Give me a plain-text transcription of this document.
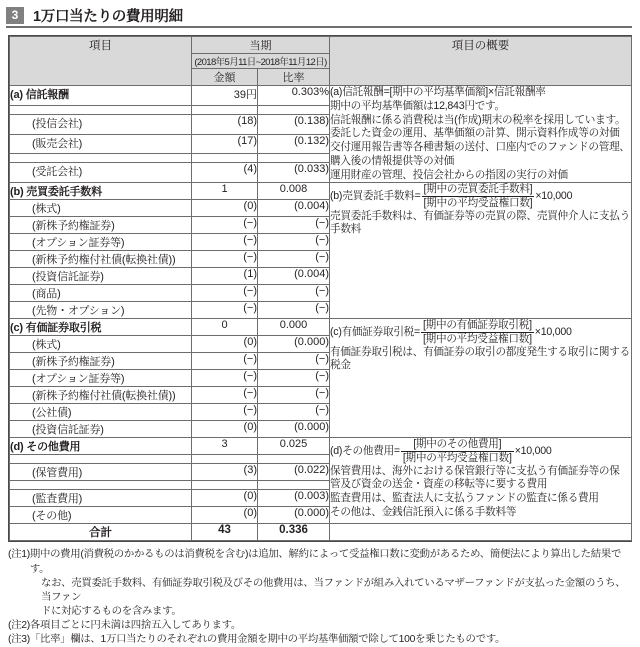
3	1万口当たりの費用明細
項目	当期		項目の概要
	(2018年5月11日~2018年11月12日)		
	金額	比率	
(a) 信託報酬	39円	0.303%	(a)信託報酬=[期中の平均基準価額]×信託報酬率
期中の平均基準価額は12,843円です。
信託報酬に係る消費税は当(作成)期末の税率を採用しています。
委託した資金の運用、基準価額の計算、開示資料作成等の対価
交付運用報告書等各種書類の送付、口座内でのファンドの管理、
購入後の情報提供等の対価
運用財産の管理、投信会社からの指図の実行の対価

(投信会社)	(18)	(0.138)	
(販売会社)	(17)	(0.132)	

(受託会社)	(4)	(0.033)	
(b) 売買委託手数料	1	0.008	(b)売買委託手数料= $\frac{\text{[期中の売買委託手数料]}}{\text{[期中の平均受益権口数]}} \times 10,000$
売買委託手数料は、有価証券等の売買の際、売買仲介人に支払う手数料

(株式)	(0)	(0.004)	
(新株予約権証券)	(−)	(−)	
(オプション証券等)	(−)	(−)	
(新株予約権付社債(転換社債))	(−)	(−)	
(投資信託証券)	(1)	(0.004)	
(商品)	(−)	(−)	
(先物・オプション)	(−)	(−)	
(c) 有価証券取引税	0	0.000	(c)有価証券取引税= $\frac{\text{[期中の有価証券取引税]}}{\text{[期中の平均受益権口数]}} \times 10,000$
有価証券取引税は、有価証券の取引の都度発生する取引に関する税金

(株式)	(0)	(0.000)	
(新株予約権証券)	(−)	(−)	
(オプション証券等)	(−)	(−)	
(新株予約権付社債(転換社債))	(−)	(−)	
(公社債)	(−)	(−)	
(投資信託証券)	(0)	(0.000)	
(d) その他費用	3	0.025	
(d)その他費用= $\frac{\text{[期中のその他費用]}}{\text{[期中の平均受益権口数]}} \times 10,000$
保管費用は、海外における保管銀行等に支払う有価証券等の保
管及び資金の送金・資産の移転等に要する費用
監査費用は、監査法人に支払うファンドの監査に係る費用
その他は、金銭信託預入に係る手数料等

(保管費用)	(3)	(0.022)	

(監査費用)	(0)	(0.003)	
(その他)	(0)	(0.000)	
合計	43	0.336	
(注1) 期中の費用(消費税のかかるものは消費税を含む)は追加、解約によって受益権口数に変動があるため、簡便法により算出した結果です。
なお、売買委託手数料、有価証券取引税及びその他費用は、当ファンドが組み入れているマザーファンドが支払った金額のうち、当ファン
ドに対応するものを含みます。
(注2) 各項目ごとに円未満は四捨五入してあります。
(注3) 「比率」欄は、1万口当たりのそれぞれの費用金額を期中の平均基準価額で除して100を乗じたものです。
